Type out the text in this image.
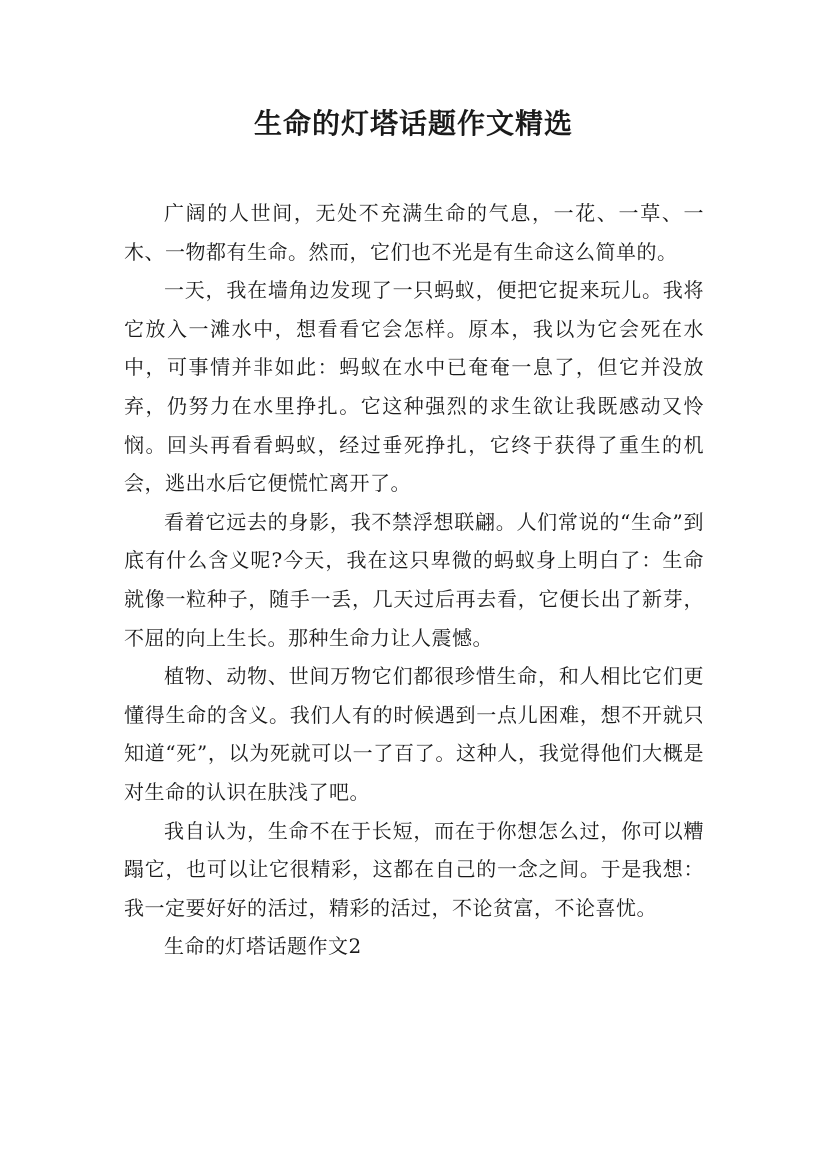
生命的灯塔话题作文精选

广阔的人世间，无处不充满生命的气息，一花、一草、一木、一物都有生命。然而，它们也不光是有生命这么简单的。

一天，我在墙角边发现了一只蚂蚁，便把它捉来玩儿。我将它放入一滩水中，想看看它会怎样。原本，我以为它会死在水中，可事情并非如此：蚂蚁在水中已奄奄一息了，但它并没放弃，仍努力在水里挣扎。它这种强烈的求生欲让我既感动又怜悯。回头再看看蚂蚁，经过垂死挣扎，它终于获得了重生的机会，逃出水后它便慌忙离开了。

看着它远去的身影，我不禁浮想联翩。人们常说的“生命”到底有什么含义呢?今天，我在这只卑微的蚂蚁身上明白了：生命就像一粒种子，随手一丢，几天过后再去看，它便长出了新芽，不屈的向上生长。那种生命力让人震憾。

植物、动物、世间万物它们都很珍惜生命，和人相比它们更懂得生命的含义。我们人有的时候遇到一点儿困难，想不开就只知道“死”，以为死就可以一了百了。这种人，我觉得他们大概是对生命的认识在肤浅了吧。

我自认为，生命不在于长短，而在于你想怎么过，你可以糟蹋它，也可以让它很精彩，这都在自己的一念之间。于是我想：我一定要好好的活过，精彩的活过，不论贫富，不论喜忧。

生命的灯塔话题作文2
